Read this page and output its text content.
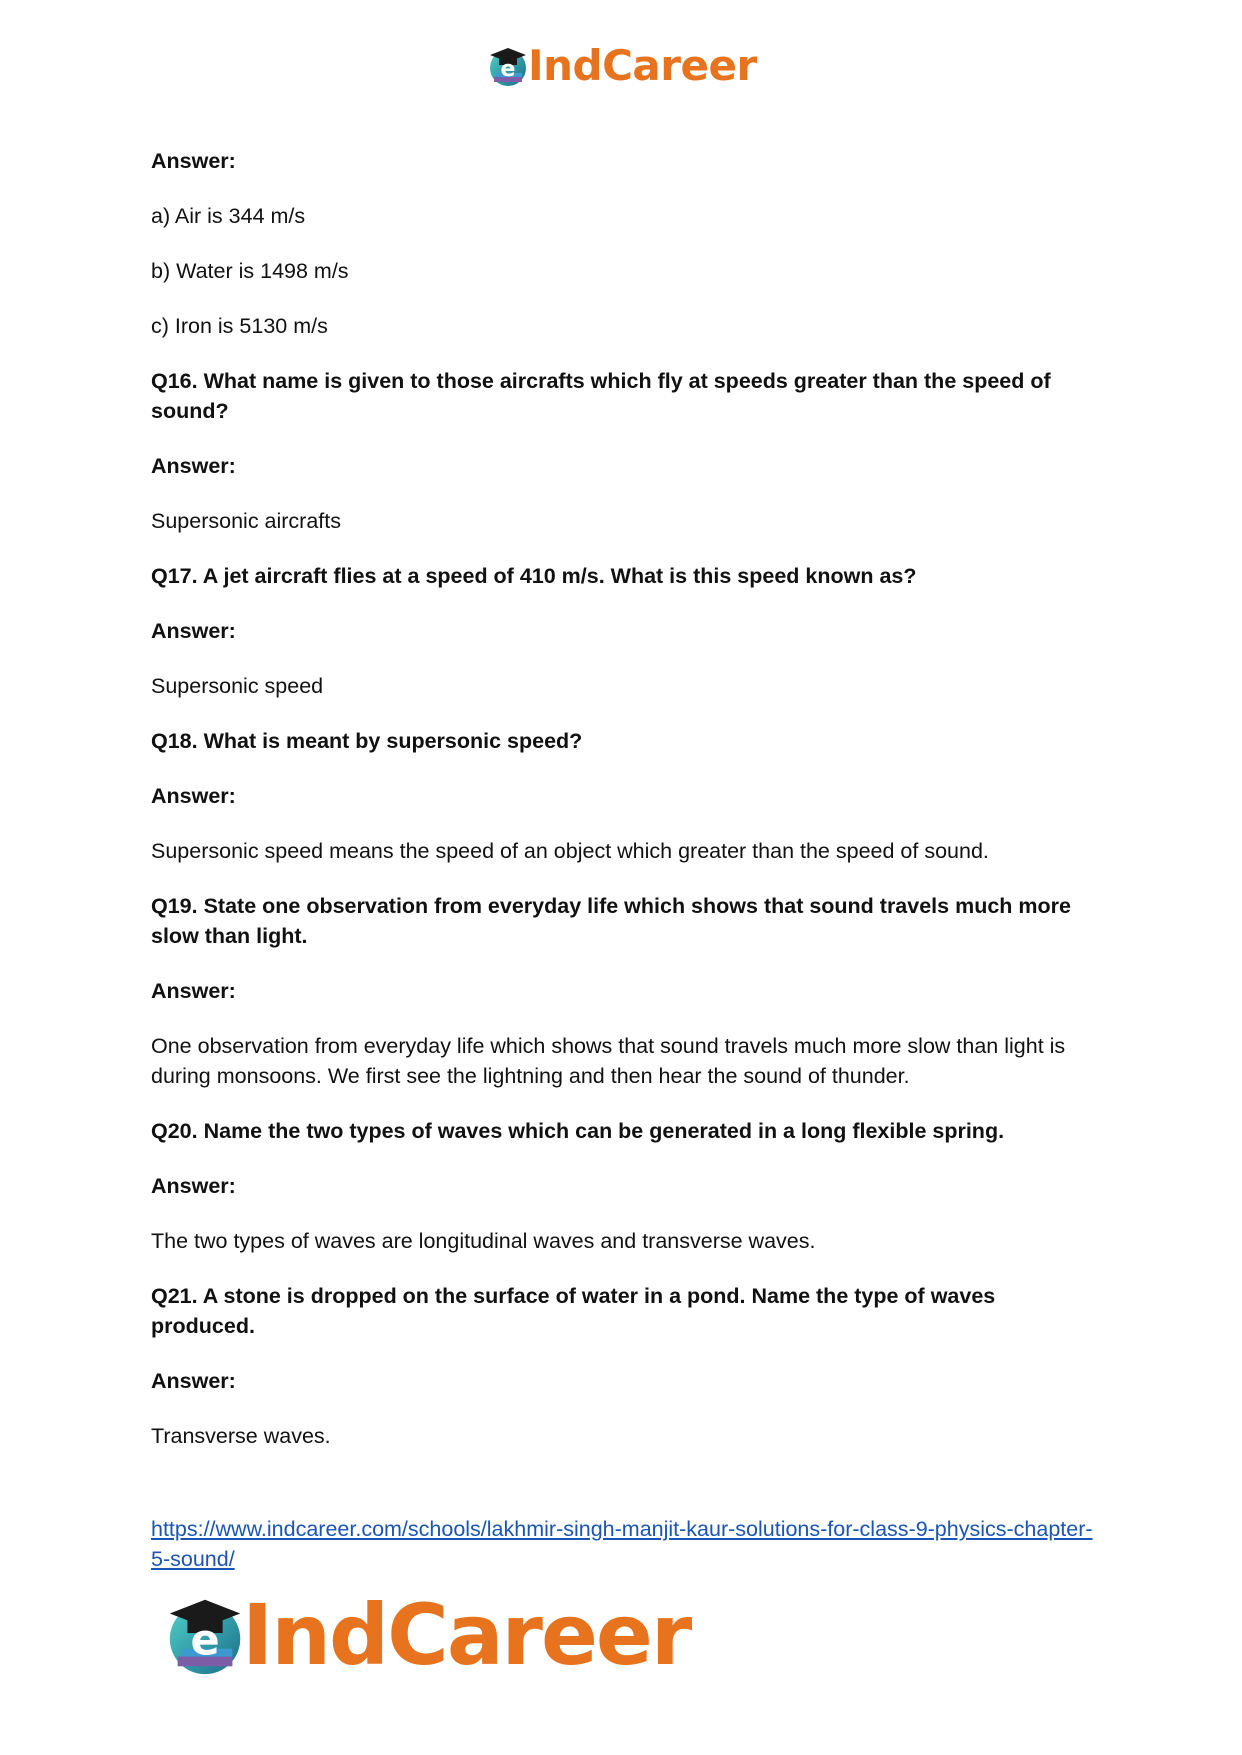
e IndCareer

Answer:

a) Air is 344 m/s

b) Water is 1498 m/s

c) Iron is 5130 m/s

Q16. What name is given to those aircrafts which fly at speeds greater than the speed of sound?

Answer:

Supersonic aircrafts

Q17. A jet aircraft flies at a speed of 410 m/s. What is this speed known as?

Answer:

Supersonic speed

Q18. What is meant by supersonic speed?

Answer:

Supersonic speed means the speed of an object which greater than the speed of sound.

Q19. State one observation from everyday life which shows that sound travels much more slow than light.

Answer:

One observation from everyday life which shows that sound travels much more slow than light is during monsoons. We first see the lightning and then hear the sound of thunder.

Q20. Name the two types of waves which can be generated in a long flexible spring.

Answer:

The two types of waves are longitudinal waves and transverse waves.

Q21. A stone is dropped on the surface of water in a pond. Name the type of waves produced.

Answer:

Transverse waves.

https://www.indcareer.com/schools/lakhmir-singh-manjit-kaur-solutions-for-class-9-physics-chapter-5-sound/
e IndCareer
